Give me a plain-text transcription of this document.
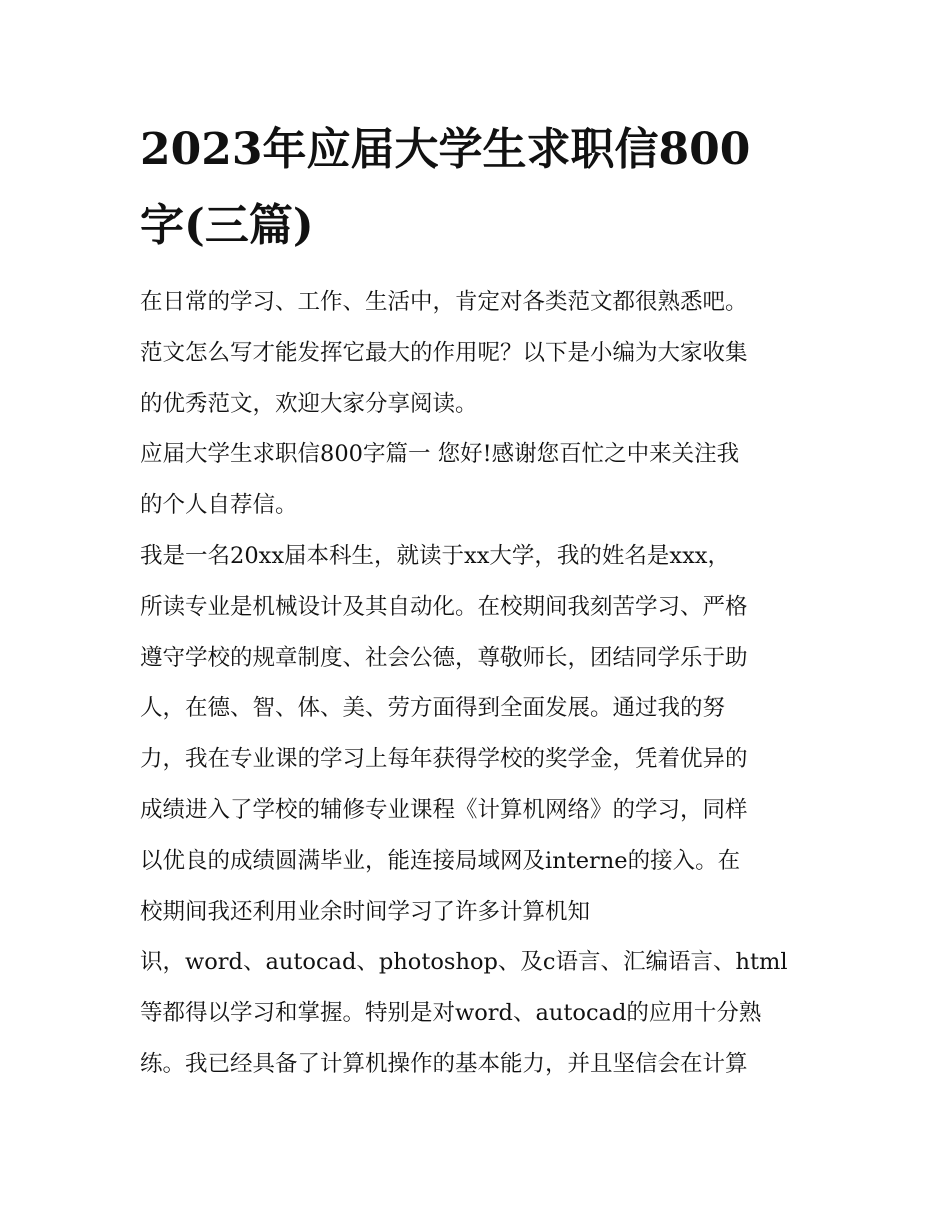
2023年应届大学生求职信800
字(三篇)
在日常的学习、工作、生活中，肯定对各类范文都很熟悉吧。
范文怎么写才能发挥它最大的作用呢？以下是小编为大家收集
的优秀范文，欢迎大家分享阅读。
应届大学生求职信800字篇一 您好!感谢您百忙之中来关注我
的个人自荐信。
我是一名20xx届本科生，就读于xx大学，我的姓名是xxx，
所读专业是机械设计及其自动化。在校期间我刻苦学习、严格
遵守学校的规章制度、社会公德，尊敬师长，团结同学乐于助
人，在德、智、体、美、劳方面得到全面发展。通过我的努
力，我在专业课的学习上每年获得学校的奖学金，凭着优异的
成绩进入了学校的辅修专业课程《计算机网络》的学习，同样
以优良的成绩圆满毕业，能连接局域网及interne的接入。在
校期间我还利用业余时间学习了许多计算机知
识，word、autocad、photoshop、及c语言、汇编语言、html
等都得以学习和掌握。特别是对word、autocad的应用十分熟
练。我已经具备了计算机操作的基本能力，并且坚信会在计算
